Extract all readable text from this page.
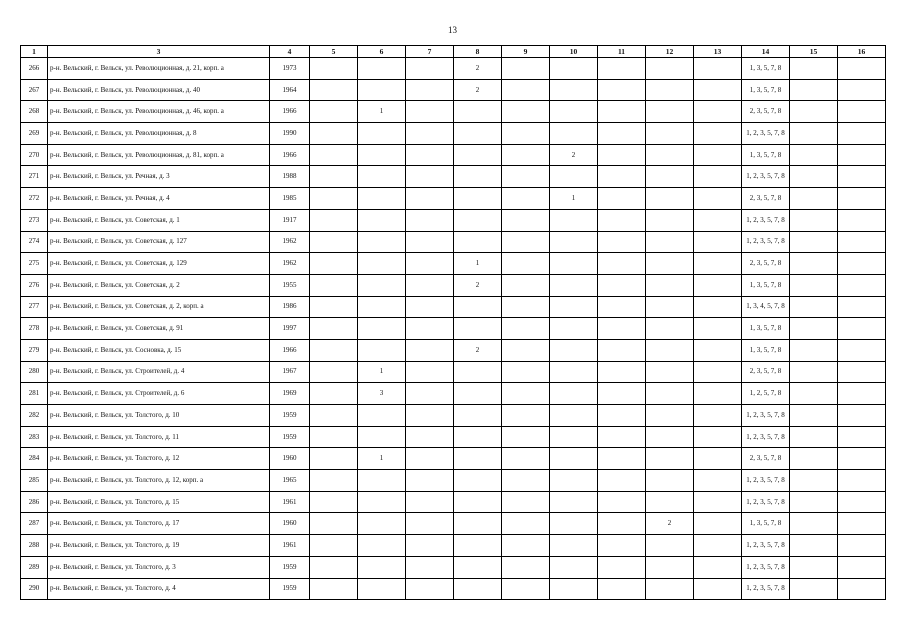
13
1	3	4	5	6	7	8	9	10	11	12	13	14	15	16
266	р-н. Вельский, г. Вельск, ул. Революционная, д. 21, корп. а	1973				2						1, 3, 5, 7, 8		
267	р-н. Вельский, г. Вельск, ул. Революционная, д. 40	1964				2						1, 3, 5, 7, 8		
268	р-н. Вельский, г. Вельск, ул. Революционная, д. 46, корп. а	1966		1								2, 3, 5, 7, 8		
269	р-н. Вельский, г. Вельск, ул. Революционная, д. 8	1990										1, 2, 3, 5, 7, 8		
270	р-н. Вельский, г. Вельск, ул. Революционная, д. 81, корп. а	1966						2				1, 3, 5, 7, 8		
271	р-н. Вельский, г. Вельск, ул. Речная, д. 3	1988										1, 2, 3, 5, 7, 8		
272	р-н. Вельский, г. Вельск, ул. Речная, д. 4	1985						1				2, 3, 5, 7, 8		
273	р-н. Вельский, г. Вельск, ул. Советская, д. 1	1917										1, 2, 3, 5, 7, 8		
274	р-н. Вельский, г. Вельск, ул. Советская, д. 127	1962										1, 2, 3, 5, 7, 8		
275	р-н. Вельский, г. Вельск, ул. Советская, д. 129	1962				1						2, 3, 5, 7, 8		
276	р-н. Вельский, г. Вельск, ул. Советская, д. 2	1955				2						1, 3, 5, 7, 8		
277	р-н. Вельский, г. Вельск, ул. Советская, д. 2, корп. а	1986										1, 3, 4, 5, 7, 8		
278	р-н. Вельский, г. Вельск, ул. Советская, д. 91	1997										1, 3, 5, 7, 8		
279	р-н. Вельский, г. Вельск, ул. Сосновка, д. 15	1966				2						1, 3, 5, 7, 8		
280	р-н. Вельский, г. Вельск, ул. Строителей, д. 4	1967		1								2, 3, 5, 7, 8		
281	р-н. Вельский, г. Вельск, ул. Строителей, д. 6	1969		3								1, 2, 5, 7, 8		
282	р-н. Вельский, г. Вельск, ул. Толстого, д. 10	1959										1, 2, 3, 5, 7, 8		
283	р-н. Вельский, г. Вельск, ул. Толстого, д. 11	1959										1, 2, 3, 5, 7, 8		
284	р-н. Вельский, г. Вельск, ул. Толстого, д. 12	1960		1								2, 3, 5, 7, 8		
285	р-н. Вельский, г. Вельск, ул. Толстого, д. 12, корп. а	1965										1, 2, 3, 5, 7, 8		
286	р-н. Вельский, г. Вельск, ул. Толстого, д. 15	1961										1, 2, 3, 5, 7, 8		
287	р-н. Вельский, г. Вельск, ул. Толстого, д. 17	1960								2		1, 3, 5, 7, 8		
288	р-н. Вельский, г. Вельск, ул. Толстого, д. 19	1961										1, 2, 3, 5, 7, 8		
289	р-н. Вельский, г. Вельск, ул. Толстого, д. 3	1959										1, 2, 3, 5, 7, 8		
290	р-н. Вельский, г. Вельск, ул. Толстого, д. 4	1959										1, 2, 3, 5, 7, 8		
